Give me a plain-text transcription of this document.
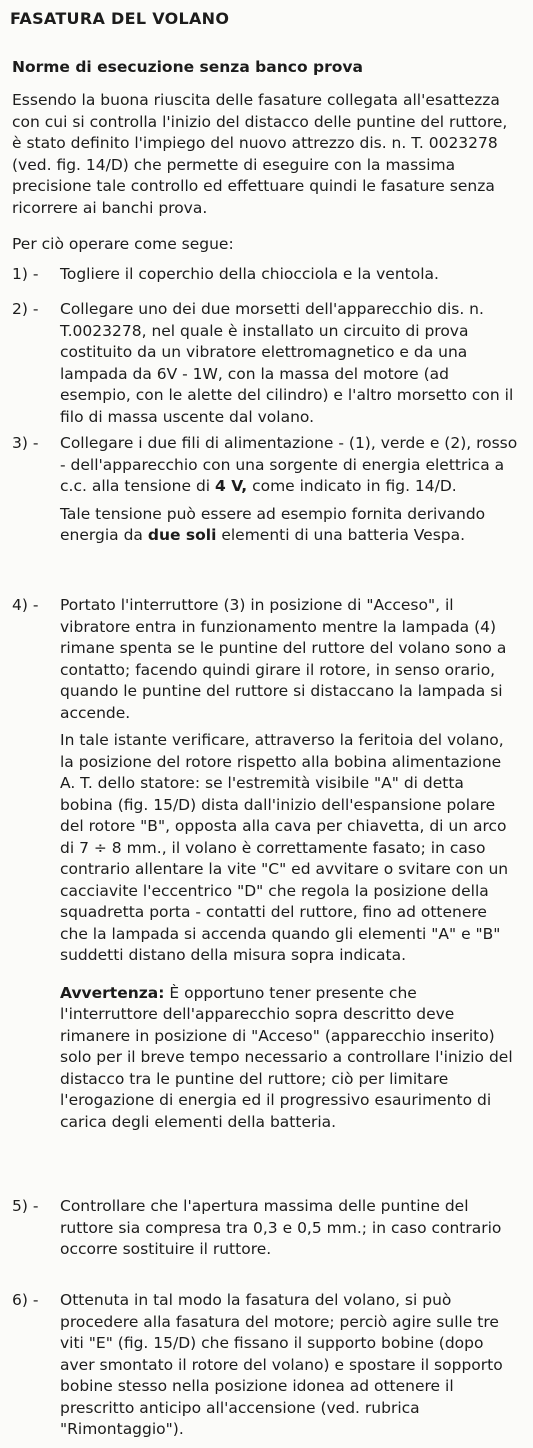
FASATURA DEL VOLANO
Norme di esecuzione senza banco prova
Essendo la buona riuscita delle fasature collegata all'esattezza con cui si controlla l'inizio del distacco delle puntine del ruttore, è stato definito l'impiego del nuovo attrezzo dis. n. T. 0023278 (ved. fig. 14/D) che permette di eseguire con la massima precisione tale controllo ed effettuare quindi le fasature senza ricorrere ai banchi prova.
Per ciò operare come segue:
1) -	Togliere il coperchio della chiocciola e la ventola.
2) -	Collegare uno dei due morsetti dell'apparecchio dis. n. T.0023278, nel quale è installato un circuito di prova costituito da un vibratore elettromagnetico e da una lampada da 6V - 1W, con la massa del motore (ad esempio, con le alette del cilindro) e l'altro morsetto con il filo di massa uscente dal volano.
3) -	Collegare i due fili di alimentazione - (1), verde e (2), rosso - dell'apparecchio con una sorgente di energia elettrica a c.c. alla tensione di 4 V, come indicato in fig. 14/D.
Tale tensione può essere ad esempio fornita derivando energia da due soli elementi di una batteria Vespa.
4) -	Portato l'interruttore (3) in posizione di "Acceso", il vibratore entra in funzionamento mentre la lampada (4) rimane spenta se le puntine del ruttore del volano sono a contatto; facendo quindi girare il rotore, in senso orario, quando le puntine del ruttore si distaccano la lampada si accende.
In tale istante verificare, attraverso la feritoia del volano, la posizione del rotore rispetto alla bobina alimentazione A. T. dello statore: se l'estremità visibile "A" di detta bobina (fig. 15/D) dista dall'inizio dell'espansione polare del rotore "B", opposta alla cava per chiavetta, di un arco di 7 ÷ 8 mm., il volano è correttamente fasato; in caso contrario allentare la vite "C" ed avvitare o svitare con un cacciavite l'eccentrico "D" che regola la posizione della squadretta porta - contatti del ruttore, fino ad ottenere che la lampada si accenda quando gli elementi "A" e "B" suddetti distano della misura sopra indicata.
Avvertenza: È opportuno tener presente che l'interruttore dell'apparecchio sopra descritto deve rimanere in posizione di "Acceso" (apparecchio inserito) solo per il breve tempo necessario a controllare l'inizio del distacco tra le puntine del ruttore; ciò per limitare l'erogazione di energia ed il progressivo esaurimento di carica degli elementi della batteria.
5) -	Controllare che l'apertura massima delle puntine del ruttore sia compresa tra 0,3 e 0,5 mm.; in caso contrario occorre sostituire il ruttore.
6) -	Ottenuta in tal modo la fasatura del volano, si può procedere alla fasatura del motore; perciò agire sulle tre viti "E" (fig. 15/D) che fissano il supporto bobine (dopo aver smontato il rotore del volano) e spostare il sopporto bobine stesso nella posizione idonea ad ottenere il prescritto anticipo all'accensione (ved. rubrica "Rimontaggio").
